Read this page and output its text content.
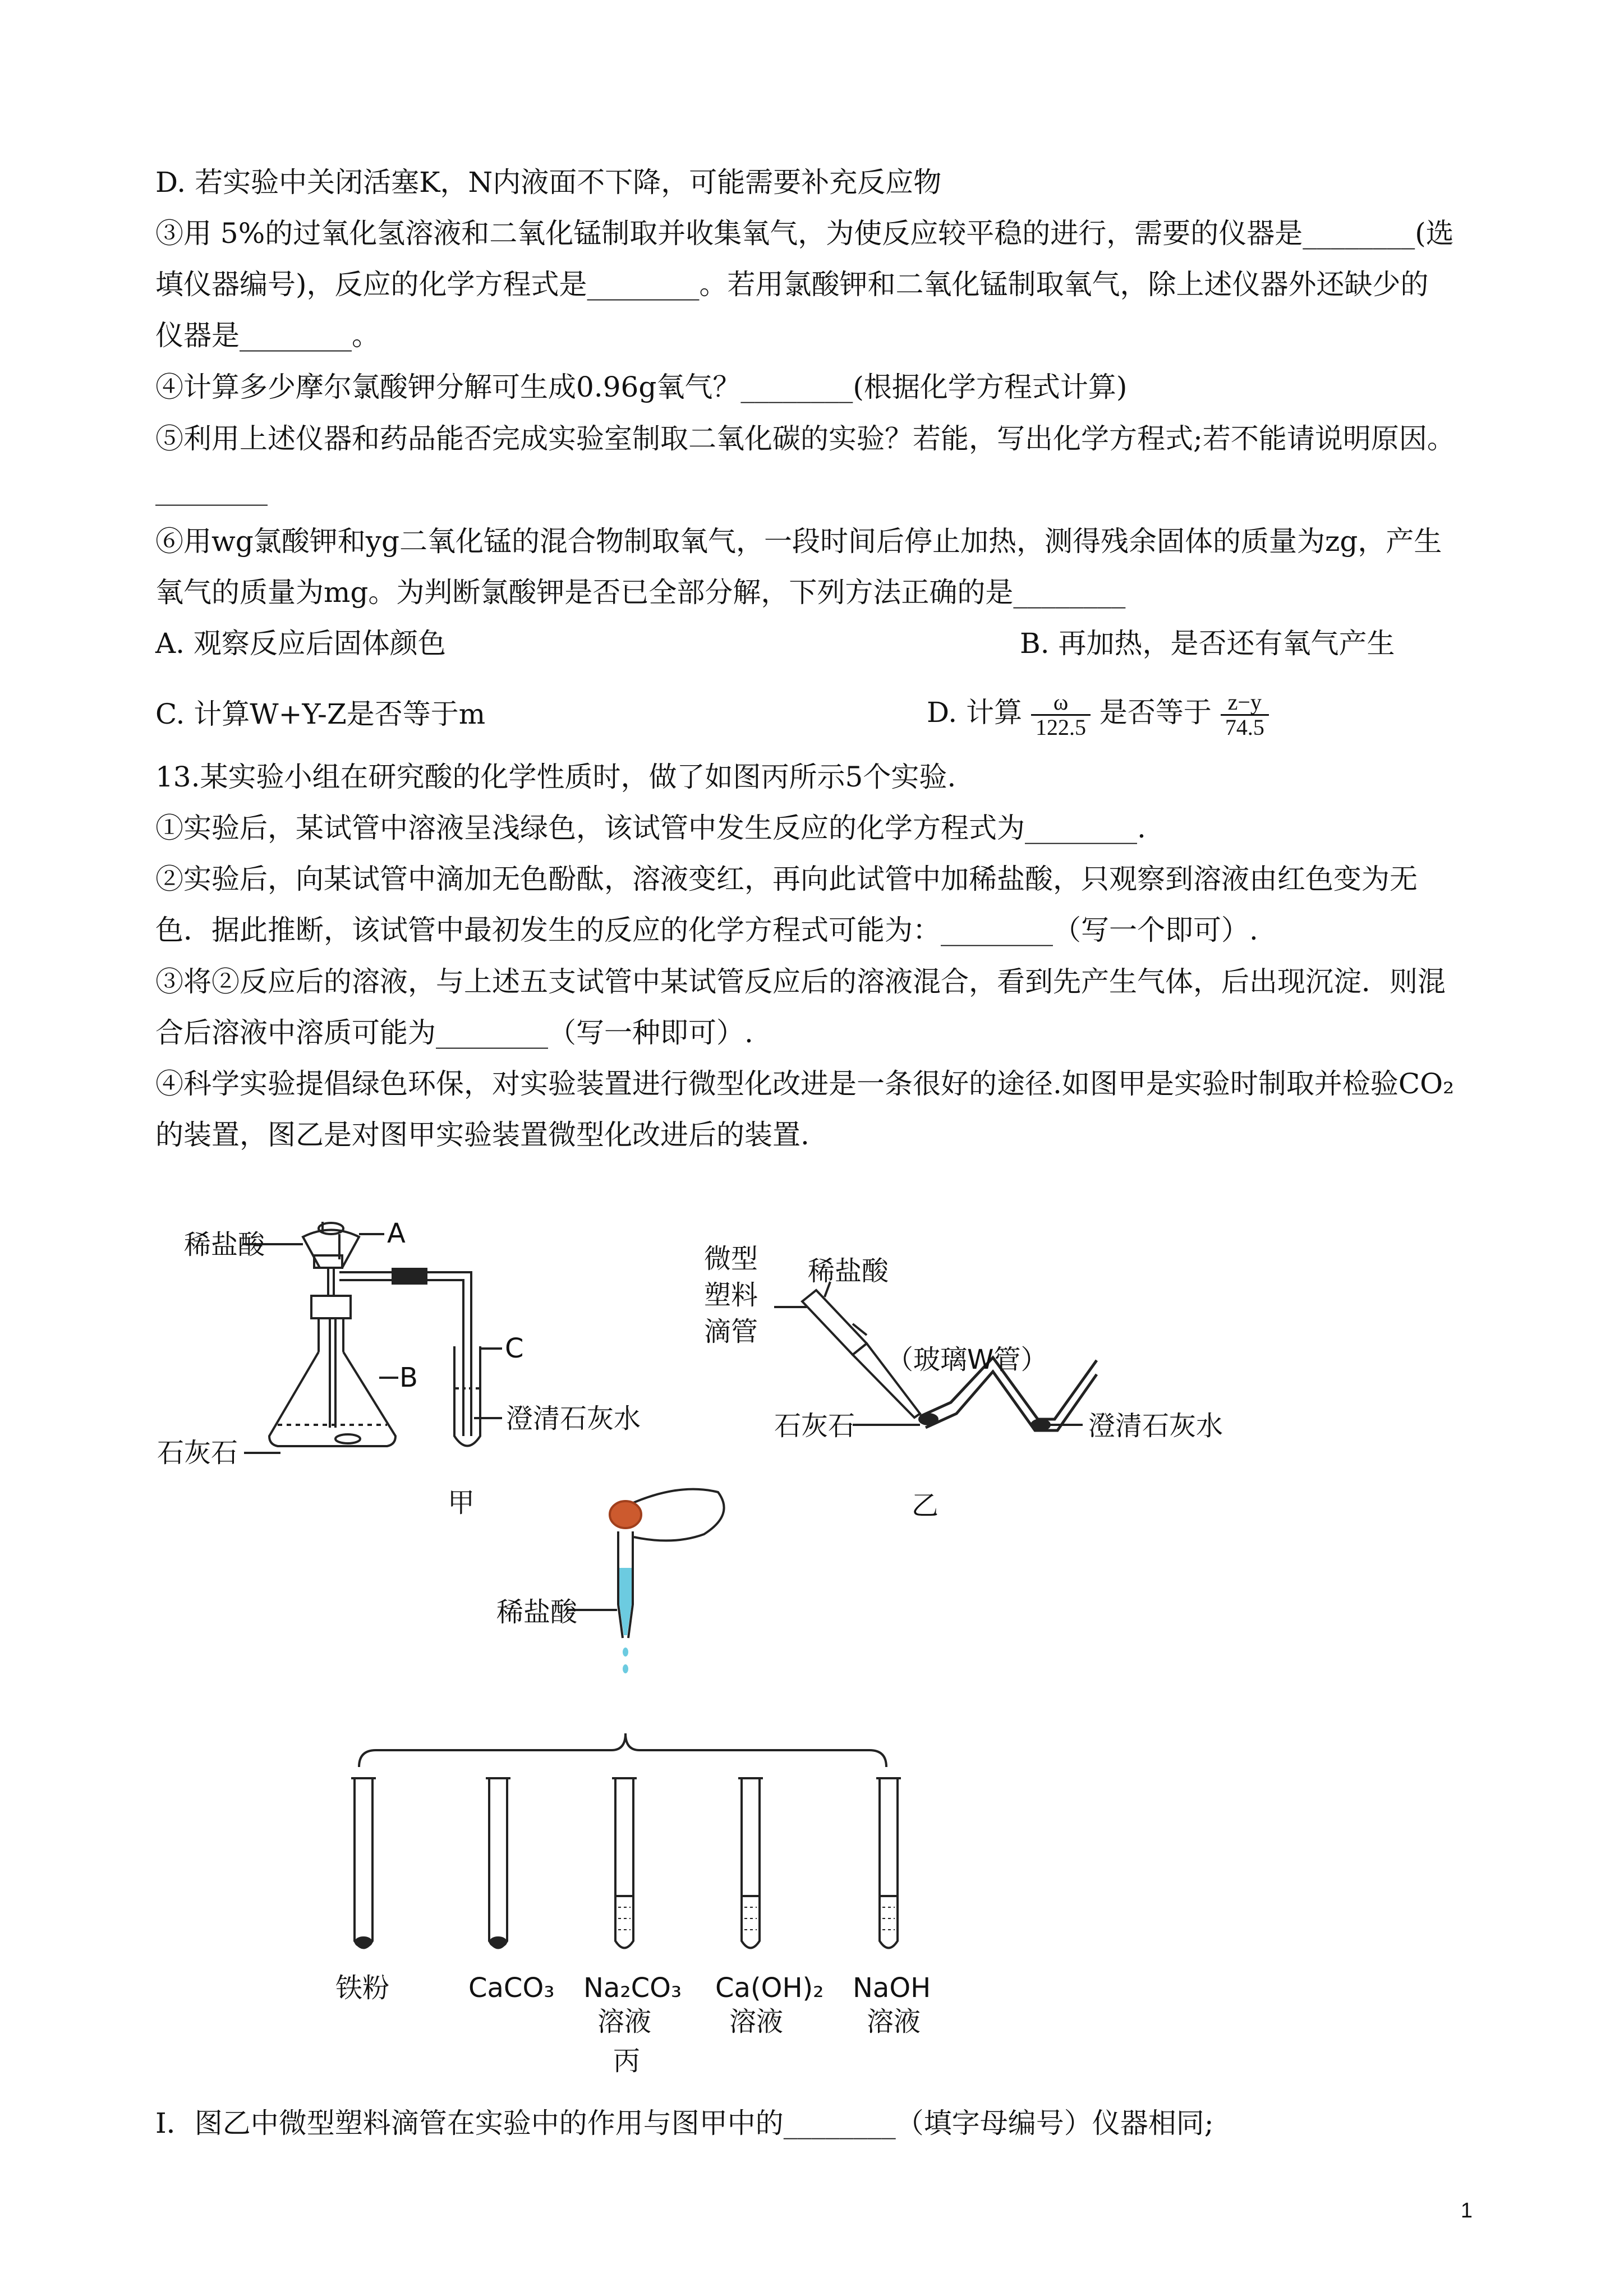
D. 若实验中关闭活塞K，N内液面不下降，可能需要补充反应物
③用 5%的过氧化氢溶液和二氧化锰制取并收集氧气，为使反应较平稳的进行，需要的仪器是________(选
填仪器编号)，反应的化学方程式是________。若用氯酸钾和二氧化锰制取氧气，除上述仪器外还缺少的
仪器是________。
④计算多少摩尔氯酸钾分解可生成0.96g氧气？________(根据化学方程式计算)
⑤利用上述仪器和药品能否完成实验室制取二氧化碳的实验？若能，写出化学方程式;若不能请说明原因。
________
⑥用wg氯酸钾和yg二氧化锰的混合物制取氧气，一段时间后停止加热，测得残余固体的质量为zg，产生
氧气的质量为mg。为判断氯酸钾是否已全部分解，下列方法正确的是________
A. 观察反应后固体颜色	B. 再加热，是否还有氧气产生
C. 计算W+Y-Z是否等于m	D. 计算 $\frac{\omega}{122.5}$ 是否等于 $\frac{z-y}{74.5}$
13.某实验小组在研究酸的化学性质时，做了如图丙所示5个实验.
①实验后，某试管中溶液呈浅绿色，该试管中发生反应的化学方程式为________.
②实验后，向某试管中滴加无色酚酞，溶液变红，再向此试管中加稀盐酸，只观察到溶液由红色变为无
色．据此推断，该试管中最初发生的反应的化学方程式可能为：________（写一个即可）.
③将②反应后的溶液，与上述五支试管中某试管反应后的溶液混合，看到先产生气体，后出现沉淀．则混
合后溶液中溶质可能为________（写一种即可）.
④科学实验提倡绿色环保，对实验装置进行微型化改进是一条很好的途径.如图甲是实验时制取并检验CO₂
的装置，图乙是对图甲实验装置微型化改进后的装置.
稀盐酸	A
B
C
澄清石灰水
石灰石
甲
微型
塑料
滴管
稀盐酸
（玻璃W管）
石灰石	澄清石灰水
乙
稀盐酸
铁粉	CaCO₃ Na₂CO₃
溶液
Ca(OH)₂
溶液
NaOH
溶液
丙
I．图乙中微型塑料滴管在实验中的作用与图甲中的________（填字母编号）仪器相同;
1
